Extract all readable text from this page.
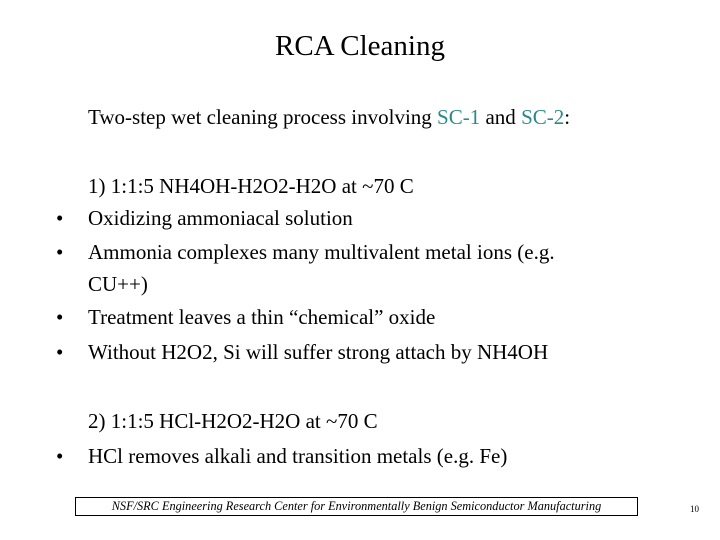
RCA Cleaning
Two-step wet cleaning process involving SC-1 and SC-2:
1) 1:1:5 NH4OH-H2O2-H2O at ~70 C
• Oxidizing ammoniacal solution
• Ammonia complexes many multivalent metal ions (e.g.
CU++)
• Treatment leaves a thin “chemical” oxide
• Without H2O2, Si will suffer strong attach by NH4OH
2) 1:1:5 HCl-H2O2-H2O at ~70 C
• HCl removes alkali and transition metals (e.g. Fe)
NSF/SRC Engineering Research Center for Environmentally Benign Semiconductor Manufacturing	10
